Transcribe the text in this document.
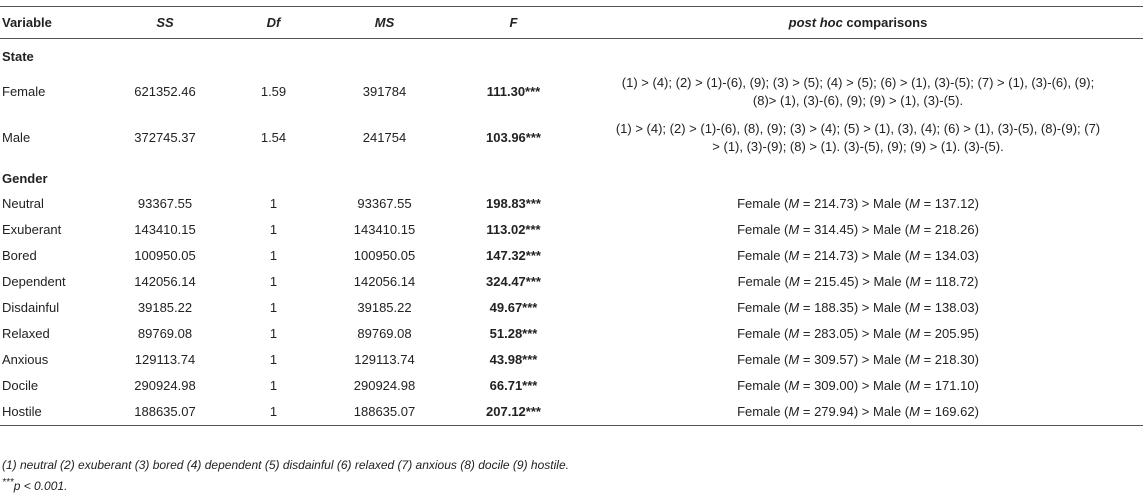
Variable	SS	Df	MS	F	post hoc comparisons
State					
Female	621352.46	1.59	391784	111.30***	(1) > (4); (2) > (1)-(6), (9); (3) > (5); (4) > (5); (6) > (1), (3)-(5); (7) > (1), (3)-(6), (9);
(8)> (1), (3)-(6), (9); (9) > (1), (3)-(5).
Male	372745.37	1.54	241754	103.96***	(1) > (4); (2) > (1)-(6), (8), (9); (3) > (4); (5) > (1), (3), (4); (6) > (1), (3)-(5), (8)-(9); (7)
> (1), (3)-(9); (8) > (1). (3)-(5), (9); (9) > (1). (3)-(5).
Gender					
Neutral	93367.55	1	93367.55	198.83***	Female (M = 214.73) > Male (M = 137.12)
Exuberant	143410.15	1	143410.15	113.02***	Female (M = 314.45) > Male (M = 218.26)
Bored	100950.05	1	100950.05	147.32***	Female (M = 214.73) > Male (M = 134.03)
Dependent	142056.14	1	142056.14	324.47***	Female (M = 215.45) > Male (M = 118.72)
Disdainful	39185.22	1	39185.22	49.67***	Female (M = 188.35) > Male (M = 138.03)
Relaxed	89769.08	1	89769.08	51.28***	Female (M = 283.05) > Male (M = 205.95)
Anxious	129113.74	1	129113.74	43.98***	Female (M = 309.57) > Male (M = 218.30)
Docile	290924.98	1	290924.98	66.71***	Female (M = 309.00) > Male (M = 171.10)
Hostile	188635.07	1	188635.07	207.12***	Female (M = 279.94) > Male (M = 169.62)
(1) neutral (2) exuberant (3) bored (4) dependent (5) disdainful (6) relaxed (7) anxious (8) docile (9) hostile.
***p < 0.001.
